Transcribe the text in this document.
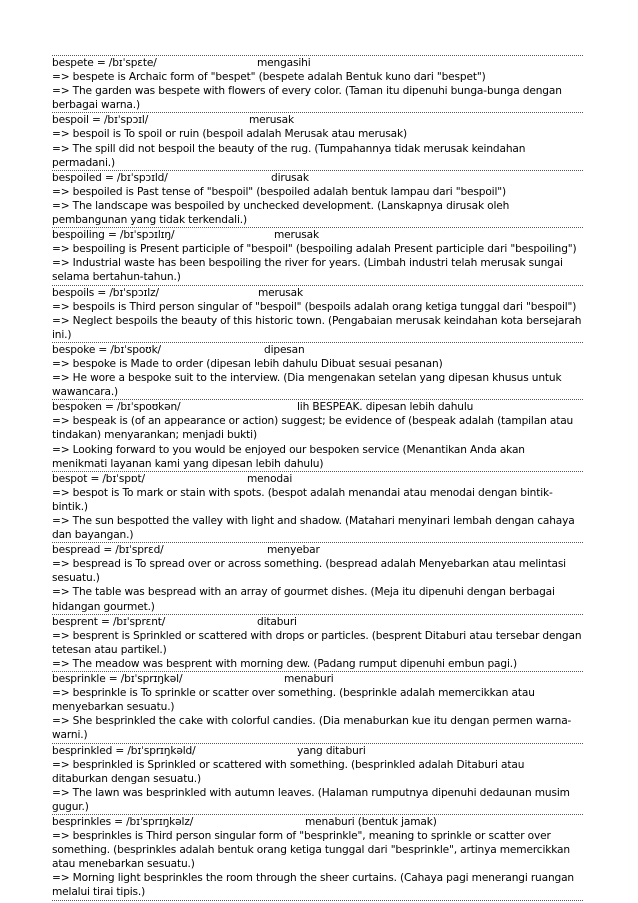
bespete = /bɪˈspɛte/	mengasihi
=> bespete is Archaic form of "bespet" (bespete adalah Bentuk kuno dari "bespet")
=> The garden was bespete with flowers of every color. (Taman itu dipenuhi bunga-bunga dengan berbagai warna.)
bespoil = /bɪˈspɔɪl/	merusak
=> bespoil is To spoil or ruin (bespoil adalah Merusak atau merusak)
=> The spill did not bespoil the beauty of the rug. (Tumpahannya tidak merusak keindahan permadani.)
bespoiled = /bɪˈspɔɪld/	dirusak
=> bespoiled is Past tense of "bespoil" (bespoiled adalah bentuk lampau dari "bespoil")
=> The landscape was bespoiled by unchecked development. (Lanskapnya dirusak oleh pembangunan yang tidak terkendali.)
bespoiling = /bɪˈspɔɪlɪŋ/	merusak
=> bespoiling is Present participle of "bespoil" (bespoiling adalah Present participle dari "bespoiling")
=> Industrial waste has been bespoiling the river for years. (Limbah industri telah merusak sungai selama bertahun-tahun.)
bespoils = /bɪˈspɔɪlz/	merusak
=> bespoils is Third person singular of "bespoil" (bespoils adalah orang ketiga tunggal dari "bespoil")
=> Neglect bespoils the beauty of this historic town. (Pengabaian merusak keindahan kota bersejarah ini.)
bespoke = /bɪˈspoʊk/	dipesan
=> bespoke is Made to order (dipesan lebih dahulu Dibuat sesuai pesanan)
=> He wore a bespoke suit to the interview. (Dia mengenakan setelan yang dipesan khusus untuk wawancara.)
bespoken = /bɪˈspoʊkən/	lih BESPEAK. dipesan lebih dahulu
=> bespeak is (of an appearance or action) suggest; be evidence of (bespeak adalah (tampilan atau tindakan) menyarankan; menjadi bukti)
=> Looking forward to you would be enjoyed our bespoken service (Menantikan Anda akan menikmati layanan kami yang dipesan lebih dahulu)
bespot = /bɪˈspɒt/	menodai
=> bespot is To mark or stain with spots. (bespot adalah menandai atau menodai dengan bintik-bintik.)
=> The sun bespotted the valley with light and shadow. (Matahari menyinari lembah dengan cahaya dan bayangan.)
bespread = /bɪˈsprɛd/	menyebar
=> bespread is To spread over or across something. (bespread adalah Menyebarkan atau melintasi sesuatu.)
=> The table was bespread with an array of gourmet dishes. (Meja itu dipenuhi dengan berbagai hidangan gourmet.)
besprent = /bɪˈsprɛnt/	ditaburi
=> besprent is Sprinkled or scattered with drops or particles. (besprent Ditaburi atau tersebar dengan tetesan atau partikel.)
=> The meadow was besprent with morning dew. (Padang rumput dipenuhi embun pagi.)
besprinkle = /bɪˈsprɪŋkəl/	menaburi
=> besprinkle is To sprinkle or scatter over something. (besprinkle adalah memercikkan atau menyebarkan sesuatu.)
=> She besprinkled the cake with colorful candies. (Dia menaburkan kue itu dengan permen warna-warni.)
besprinkled = /bɪˈsprɪŋkəld/	yang ditaburi
=> besprinkled is Sprinkled or scattered with something. (besprinkled adalah Ditaburi atau ditaburkan dengan sesuatu.)
=> The lawn was besprinkled with autumn leaves. (Halaman rumputnya dipenuhi dedaunan musim gugur.)
besprinkles = /bɪˈsprɪŋkəlz/	menaburi (bentuk jamak)
=> besprinkles is Third person singular form of "besprinkle", meaning to sprinkle or scatter over something. (besprinkles adalah bentuk orang ketiga tunggal dari "besprinkle", artinya memercikkan atau menebarkan sesuatu.)
=> Morning light besprinkles the room through the sheer curtains. (Cahaya pagi menerangi ruangan melalui tirai tipis.)
